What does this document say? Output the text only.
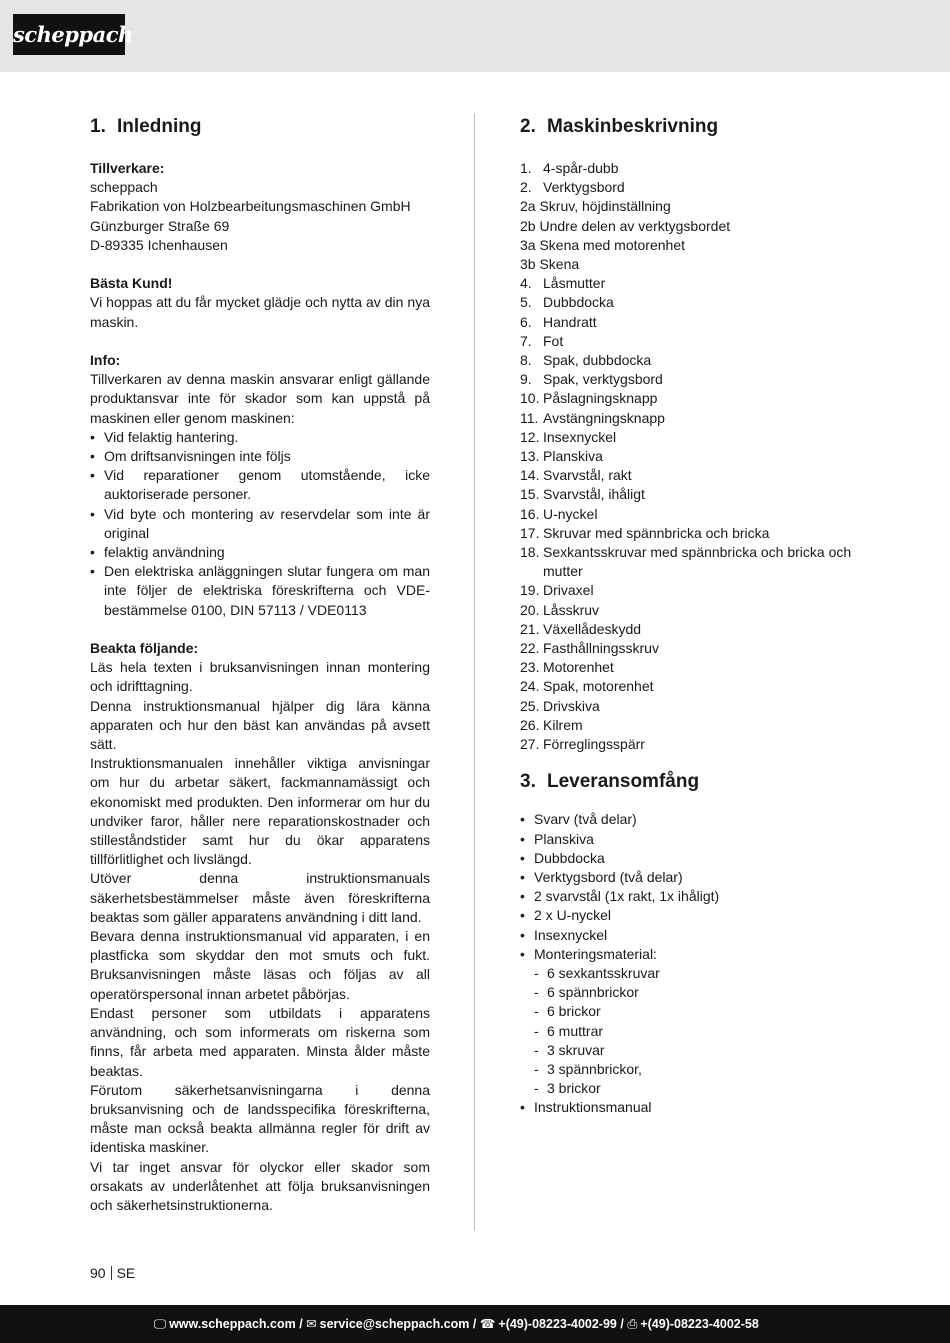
scheppach
1. Inledning
Tillverkare:
scheppach
Fabrikation von Holzbearbeitungsmaschinen GmbH
Günzburger Straße 69
D-89335 Ichenhausen
Bästa Kund!
Vi hoppas att du får mycket glädje och nytta av din nya maskin.
Info:
Tillverkaren av denna maskin ansvarar enligt gällande produktansvar inte för skador som kan uppstå på maskinen eller genom maskinen:
• Vid felaktig hantering.
• Om driftsanvisningen inte följs
• Vid reparationer genom utomstående, icke auktoriserade personer.
• Vid byte och montering av reservdelar som inte är original
• felaktig användning
• Den elektriska anläggningen slutar fungera om man inte följer de elektriska föreskrifterna och VDE-bestämmelse 0100, DIN 57113 / VDE0113
Beakta följande:
Läs hela texten i bruksanvisningen innan montering och idrifttagning.
Denna instruktionsmanual hjälper dig lära känna apparaten och hur den bäst kan användas på avsett sätt.
Instruktionsmanualen innehåller viktiga anvisningar om hur du arbetar säkert, fackmannamässigt och ekonomiskt med produkten. Den informerar om hur du undviker faror, håller nere reparationskostnader och stilleståndstider samt hur du ökar apparatens tillförlitlighet och livslängd.
Utöver denna instruktionsmanuals säkerhetsbestämmelser måste även föreskrifterna beaktas som gäller apparatens användning i ditt land.
Bevara denna instruktionsmanual vid apparaten, i en plastficka som skyddar den mot smuts och fukt. Bruksanvisningen måste läsas och följas av all operatörspersonal innan arbetet påbörjas.
Endast personer som utbildats i apparatens användning, och som informerats om riskerna som finns, får arbeta med apparaten. Minsta ålder måste beaktas.
Förutom säkerhetsanvisningarna i denna bruksanvisning och de landsspecifika föreskrifterna, måste man också beakta allmänna regler för drift av identiska maskiner.
Vi tar inget ansvar för olyckor eller skador som orsakats av underlåtenhet att följa bruksanvisningen och säkerhetsinstruktionerna.
2. Maskinbeskrivning
1. 4-spår-dubb
2. Verktygsbord
2a Skruv, höjdinställning
2b Undre delen av verktygsbordet
3a Skena med motorenhet
3b Skena
4. Låsmutter
5. Dubbdocka
6. Handratt
7. Fot
8. Spak, dubbdocka
9. Spak, verktygsbord
10. Påslagningsknapp
11. Avstängningsknapp
12. Insexnyckel
13. Planskiva
14. Svarvstål, rakt
15. Svarvstål, ihåligt
16. U-nyckel
17. Skruvar med spännbricka och bricka
18. Sexkantsskruvar med spännbricka och bricka och mutter
19. Drivaxel
20. Låsskruv
21. Växellådeskydd
22. Fasthållningsskruv
23. Motorenhet
24. Spak, motorenhet
25. Drivskiva
26. Kilrem
27. Förreglingsspärr
3. Leveransomfång
• Svarv (två delar)
• Planskiva
• Dubbdocka
• Verktygsbord (två delar)
• 2 svarvstål (1x rakt, 1x ihåligt)
• 2 x U-nyckel
• Insexnyckel
• Monteringsmaterial:
- 6 sexkantsskruvar
- 6 spännbrickor
- 6 brickor
- 6 muttrar
- 3 skruvar
- 3 spännbrickor,
- 3 brickor
• Instruktionsmanual
90 SE
🖵 www.scheppach.com / ✉ service@scheppach.com / ☎ +(49)-08223-4002-99 / ⎙ +(49)-08223-4002-58
